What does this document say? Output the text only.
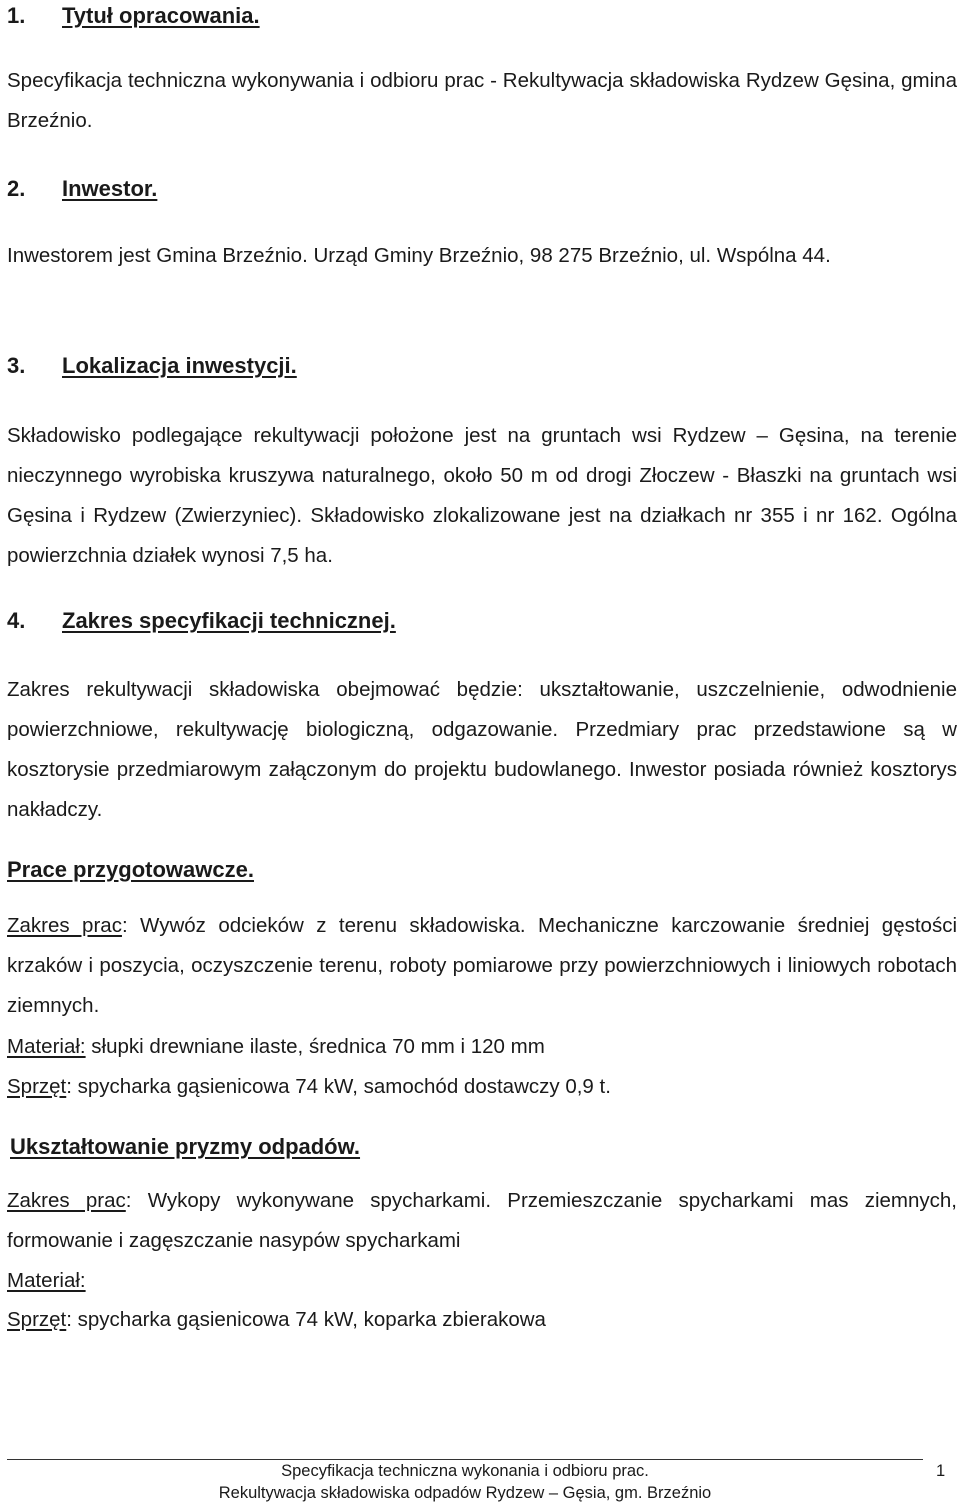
1. Tytuł opracowania.

Specyfikacja techniczna wykonywania i odbioru prac - Rekultywacja składowiska Rydzew Gęsina, gmina Brzeźnio.

2. Inwestor.

Inwestorem jest Gmina Brzeźnio. Urząd Gminy Brzeźnio, 98 275 Brzeźnio, ul. Wspólna 44.

3. Lokalizacja inwestycji.

Składowisko podlegające rekultywacji położone jest na gruntach wsi Rydzew – Gęsina, na terenie nieczynnego wyrobiska kruszywa naturalnego, około 50 m od drogi Złoczew - Błaszki na gruntach wsi Gęsina i Rydzew (Zwierzyniec). Składowisko zlokalizowane jest na działkach nr 355 i nr 162. Ogólna powierzchnia działek wynosi 7,5 ha.

4. Zakres specyfikacji technicznej.

Zakres rekultywacji składowiska obejmować będzie: ukształtowanie, uszczelnienie, odwodnienie powierzchniowe, rekultywację biologiczną, odgazowanie. Przedmiary prac przedstawione są w kosztorysie przedmiarowym załączonym do projektu budowlanego. Inwestor posiada również kosztorys nakładczy.

Prace przygotowawcze.

Zakres prac: Wywóz odcieków z terenu składowiska. Mechaniczne karczowanie średniej gęstości krzaków i poszycia, oczyszczenie terenu, roboty pomiarowe przy powierzchniowych i liniowych robotach ziemnych.

Materiał: słupki drewniane ilaste, średnica 70 mm i 120 mm
Sprzęt: spycharka gąsienicowa 74 kW, samochód dostawczy 0,9 t.
Ukształtowanie pryzmy odpadów.

Zakres prac: Wykopy wykonywane spycharkami. Przemieszczanie spycharkami mas ziemnych, formowanie i zagęszczanie nasypów spycharkami

Materiał:
Sprzęt: spycharka gąsienicowa 74 kW, koparka zbierakowa
Specyfikacja techniczna wykonania i odbioru prac.
Rekultywacja składowiska odpadów Rydzew – Gęsia, gm. Brzeźnio
1
